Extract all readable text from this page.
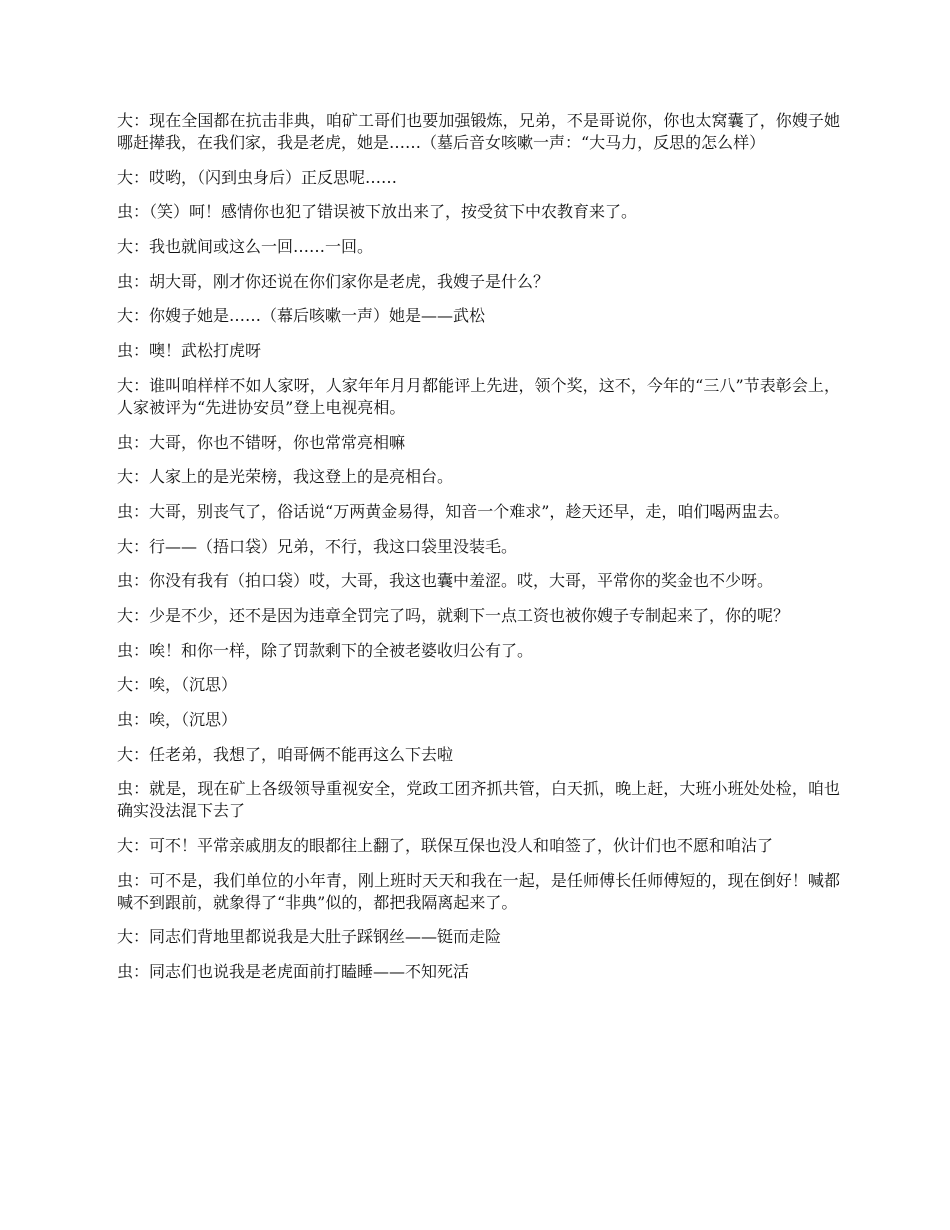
大：现在全国都在抗击非典，咱矿工哥们也要加强锻炼，兄弟，不是哥说你，你也太窝囊了，你嫂子她哪赶撵我，在我们家，我是老虎，她是……（墓后音女咳嗽一声：“大马力，反思的怎么样）

大：哎哟，（闪到虫身后）正反思呢……

虫：（笑）呵！感情你也犯了错误被下放出来了，按受贫下中农教育来了。

大：我也就间或这么一回……一回。

虫：胡大哥，刚才你还说在你们家你是老虎，我嫂子是什么？

大：你嫂子她是……（幕后咳嗽一声）她是——武松

虫：噢！武松打虎呀

大：谁叫咱样样不如人家呀，人家年年月月都能评上先进，领个奖，这不，今年的“三八”节表彰会上，人家被评为“先进协安员”登上电视亮相。

虫：大哥，你也不错呀，你也常常亮相嘛

大：人家上的是光荣榜，我这登上的是亮相台。

虫：大哥，别丧气了，俗话说“万两黄金易得，知音一个难求”，趁天还早，走，咱们喝两盅去。

大：行——（捂口袋）兄弟，不行，我这口袋里没装毛。

虫：你没有我有（拍口袋）哎，大哥，我这也囊中羞涩。哎，大哥，平常你的奖金也不少呀。

大：少是不少，还不是因为违章全罚完了吗，就剩下一点工资也被你嫂子专制起来了，你的呢？

虫：唉！和你一样，除了罚款剩下的全被老婆收归公有了。

大：唉，（沉思）

虫：唉，（沉思）

大：任老弟，我想了，咱哥俩不能再这么下去啦

虫：就是，现在矿上各级领导重视安全，党政工团齐抓共管，白天抓，晚上赶，大班小班处处检，咱也确实没法混下去了

大：可不！平常亲戚朋友的眼都往上翻了，联保互保也没人和咱签了，伙计们也不愿和咱沾了

虫：可不是，我们单位的小年青，刚上班时天天和我在一起，是任师傅长任师傅短的，现在倒好！喊都喊不到跟前，就象得了“非典”似的，都把我隔离起来了。

大：同志们背地里都说我是大肚子踩钢丝——铤而走险

虫：同志们也说我是老虎面前打瞌睡——不知死活
